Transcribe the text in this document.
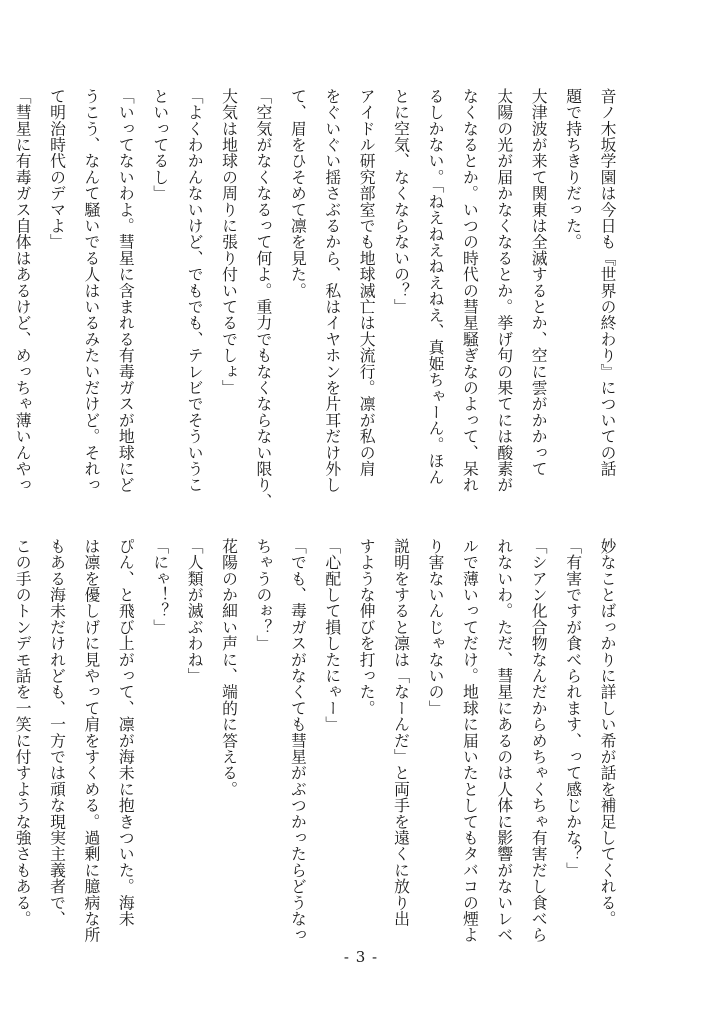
音ノ木坂学園は今日も『世界の終わり』についての話
題で持ちきりだった。
大津波が来て関東は全滅するとか、空に雲がかかって
太陽の光が届かなくなるとか。挙げ句の果てには酸素が
なくなるとか。いつの時代の彗星騒ぎなのよって、呆れ
るしかない。「ねえねえねえねえ、真姫ちゃーん。ほん
とに空気、なくならないの？」
アイドル研究部室でも地球滅亡は大流行。凛が私の肩
をぐいぐい揺さぶるから、私はイヤホンを片耳だけ外し
て、眉をひそめて凛を見た。
「空気がなくなるって何よ。重力でもなくならない限り、
大気は地球の周りに張り付いてるでしょ」
「よくわかんないけど、でもでも、テレビでそういうこ
といってるし」
「いってないわよ。彗星に含まれる有毒ガスが地球にど
うこう、なんて騒いでる人はいるみたいだけど。それっ
て明治時代のデマよ」
「彗星に有毒ガス自体はあるけど、めっちゃ薄いんやっ
妙なことばっかりに詳しい希が話を補足してくれる。
「有害ですが食べられます、って感じかな？」
「シアン化合物なんだからめちゃくちゃ有害だし食べら
れないわ。ただ、彗星にあるのは人体に影響がないレベ
ルで薄いってだけ。地球に届いたとしてもタバコの煙よ
り害ないんじゃないの」
説明をすると凛は「なーんだ」と両手を遠くに放り出
すような伸びを打った。
「心配して損したにゃー」
「でも、毒ガスがなくても彗星がぶつかったらどうなっ
ちゃうのぉ？」
花陽のか細い声に、端的に答える。
「人類が滅ぶわね」
「にゃ！？」
ぴん、と飛び上がって、凛が海未に抱きついた。海未
は凛を優しげに見やって肩をすくめる。過剰に臆病な所
もある海未だけれども、一方では頑な現実主義者で、
この手のトンデモ話を一笑に付すような強さもある。
- 3 -
